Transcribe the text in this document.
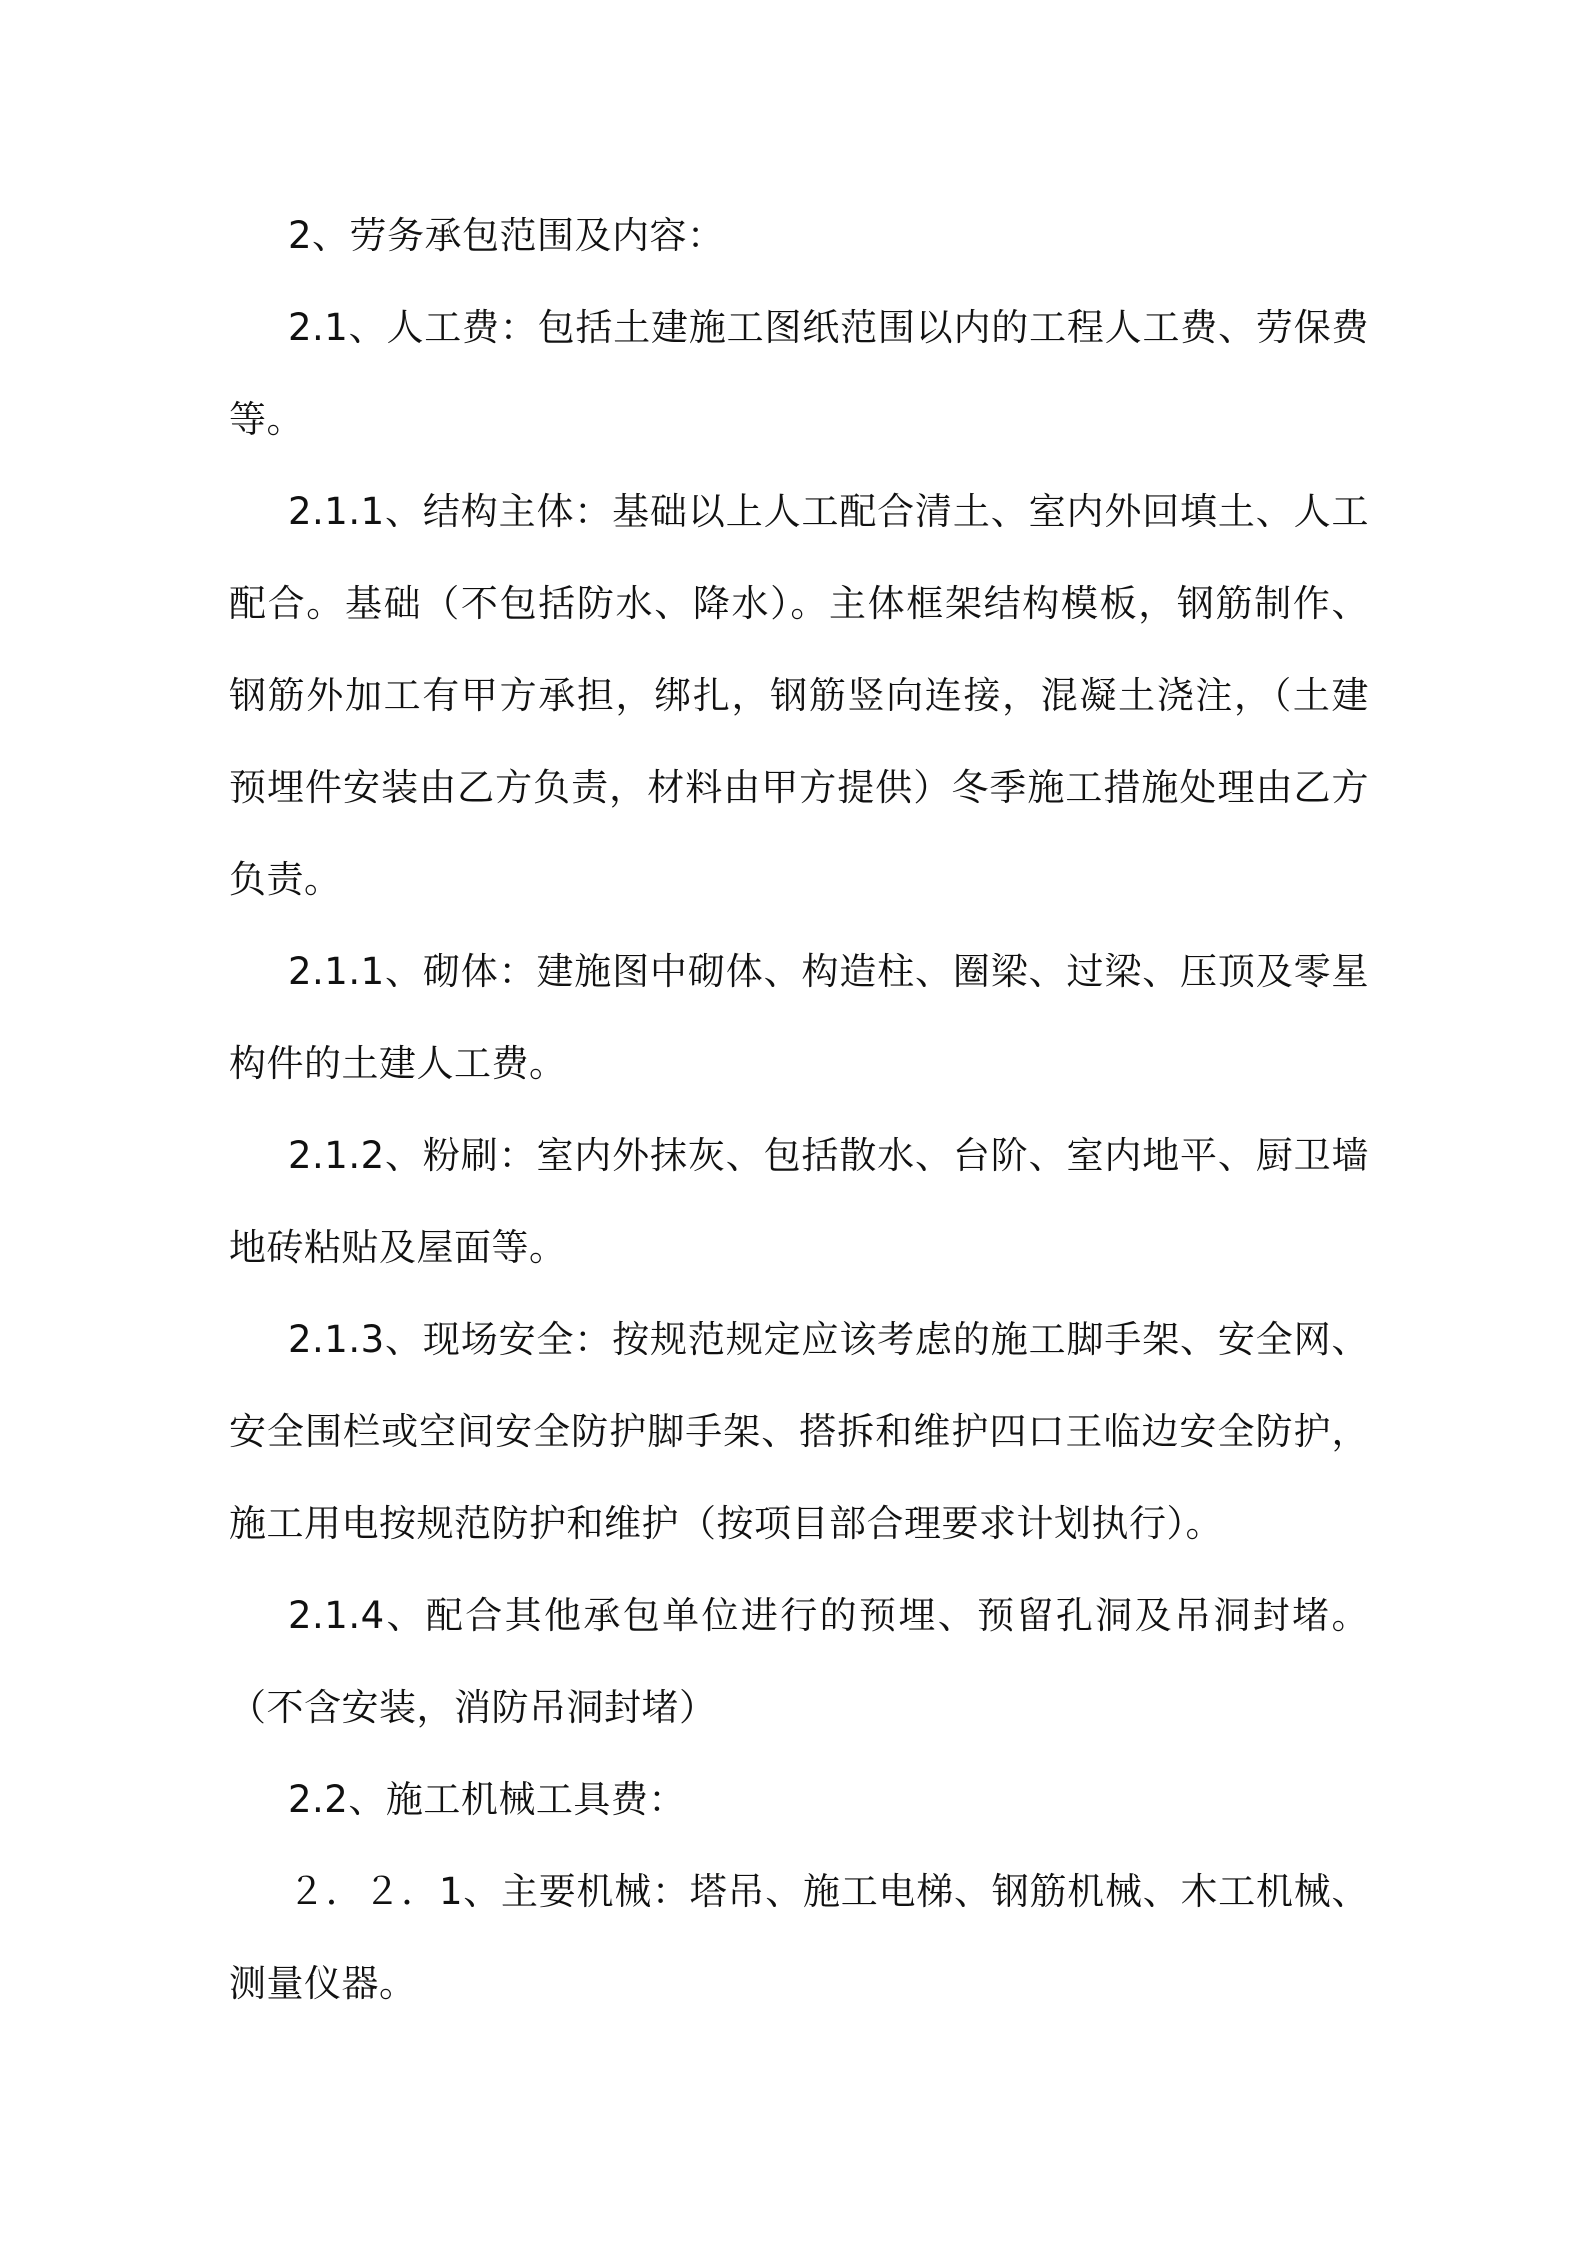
2、劳务承包范围及内容：

2.1、人工费：包括土建施工图纸范围以内的工程人工费、劳保费等。

2.1.1、结构主体：基础以上人工配合清土、室内外回填土、人工配合。基础（不包括防水、降水）。主体框架结构模板，钢筋制作、钢筋外加工有甲方承担，绑扎，钢筋竖向连接，混凝土浇注，（土建预埋件安装由乙方负责，材料由甲方提供）冬季施工措施处理由乙方负责。

2.1.1、砌体：建施图中砌体、构造柱、圈梁、过梁、压顶及零星构件的土建人工费。

2.1.2、粉刷：室内外抹灰、包括散水、台阶、室内地平、厨卫墙地砖粘贴及屋面等。

2.1.3、现场安全：按规范规定应该考虑的施工脚手架、安全网、安全围栏或空间安全防护脚手架、搭拆和维护四口王临边安全防护，施工用电按规范防护和维护（按项目部合理要求计划执行）。

2.1.4、配合其他承包单位进行的预埋、预留孔洞及吊洞封堵。（不含安装，消防吊洞封堵）

2.2、施工机械工具费：

２．２．1、主要机械：塔吊、施工电梯、钢筋机械、木工机械、测量仪器。
